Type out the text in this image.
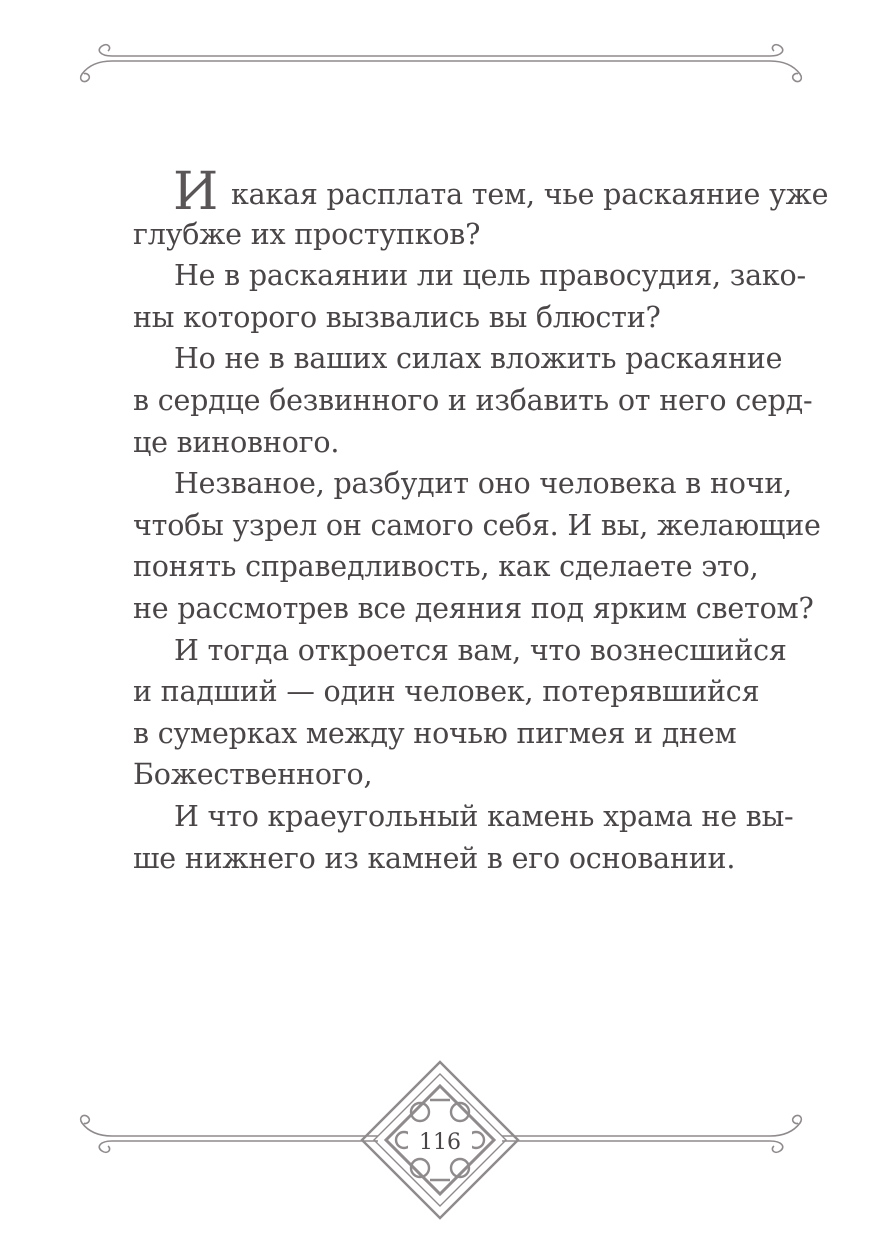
И какая расплата тем, чье раскаяние уже
глубже их проступков?
Не в раскаянии ли цель правосудия, зако-
ны которого вызвались вы блюсти?
Но не в ваших силах вложить раскаяние
в сердце безвинного и избавить от него серд-
це виновного.
Незваное, разбудит оно человека в ночи,
чтобы узрел он самого себя. И вы, желающие
понять справедливость, как сделаете это,
не рассмотрев все деяния под ярким светом?
И тогда откроется вам, что вознесшийся
и падший — один человек, потерявшийся
в сумерках между ночью пигмея и днем
Божественного,
И что краеугольный камень храма не вы-
ше нижнего из камней в его основании.
116
